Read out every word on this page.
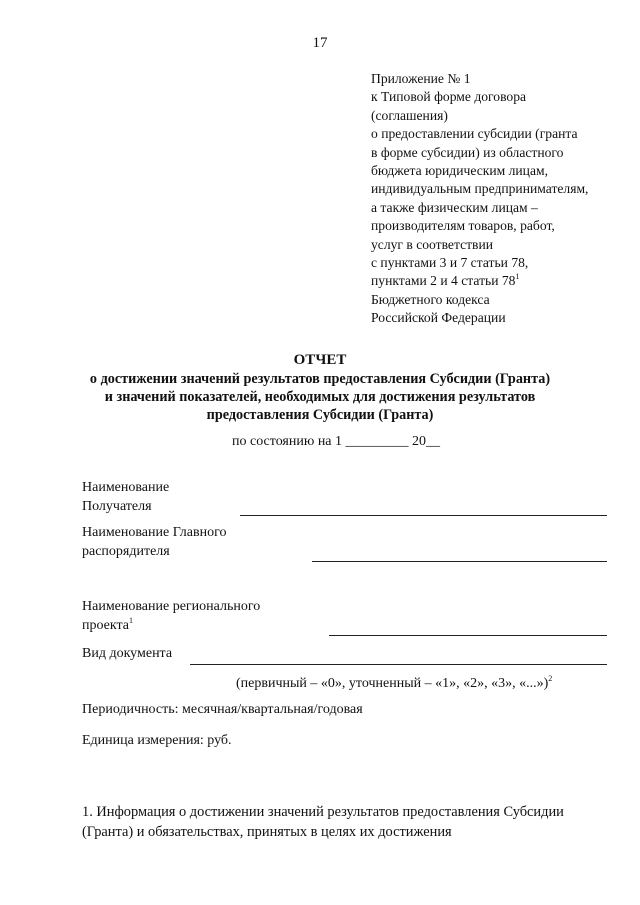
17
Приложение № 1
к Типовой форме договора
(соглашения)
о предоставлении субсидии (гранта
в форме субсидии) из областного
бюджета юридическим лицам,
индивидуальным предпринимателям,
а также физическим лицам –
производителям товаров, работ,
услуг в соответствии
с пунктами 3 и 7 статьи 78,
пунктами 2 и 4 статьи $78^1$
Бюджетного кодекса
Российской Федерации
ОТЧЕТ
о достижении значений результатов предоставления Субсидии (Гранта)
и значений показателей, необходимых для достижения результатов
предоставления Субсидии (Гранта)
по состоянию на 1 _________ 20__
Наименование
Получателя
Наименование Главного
распорядителя
Наименование регионального
проекта$^1$
Вид документа
(первичный – «0», уточненный – «1», «2», «3», «...»)$^2$
Периодичность: месячная/квартальная/годовая
Единица измерения: руб.
1. Информация о достижении значений результатов предоставления Субсидии
(Гранта) и обязательствах, принятых в целях их достижения
